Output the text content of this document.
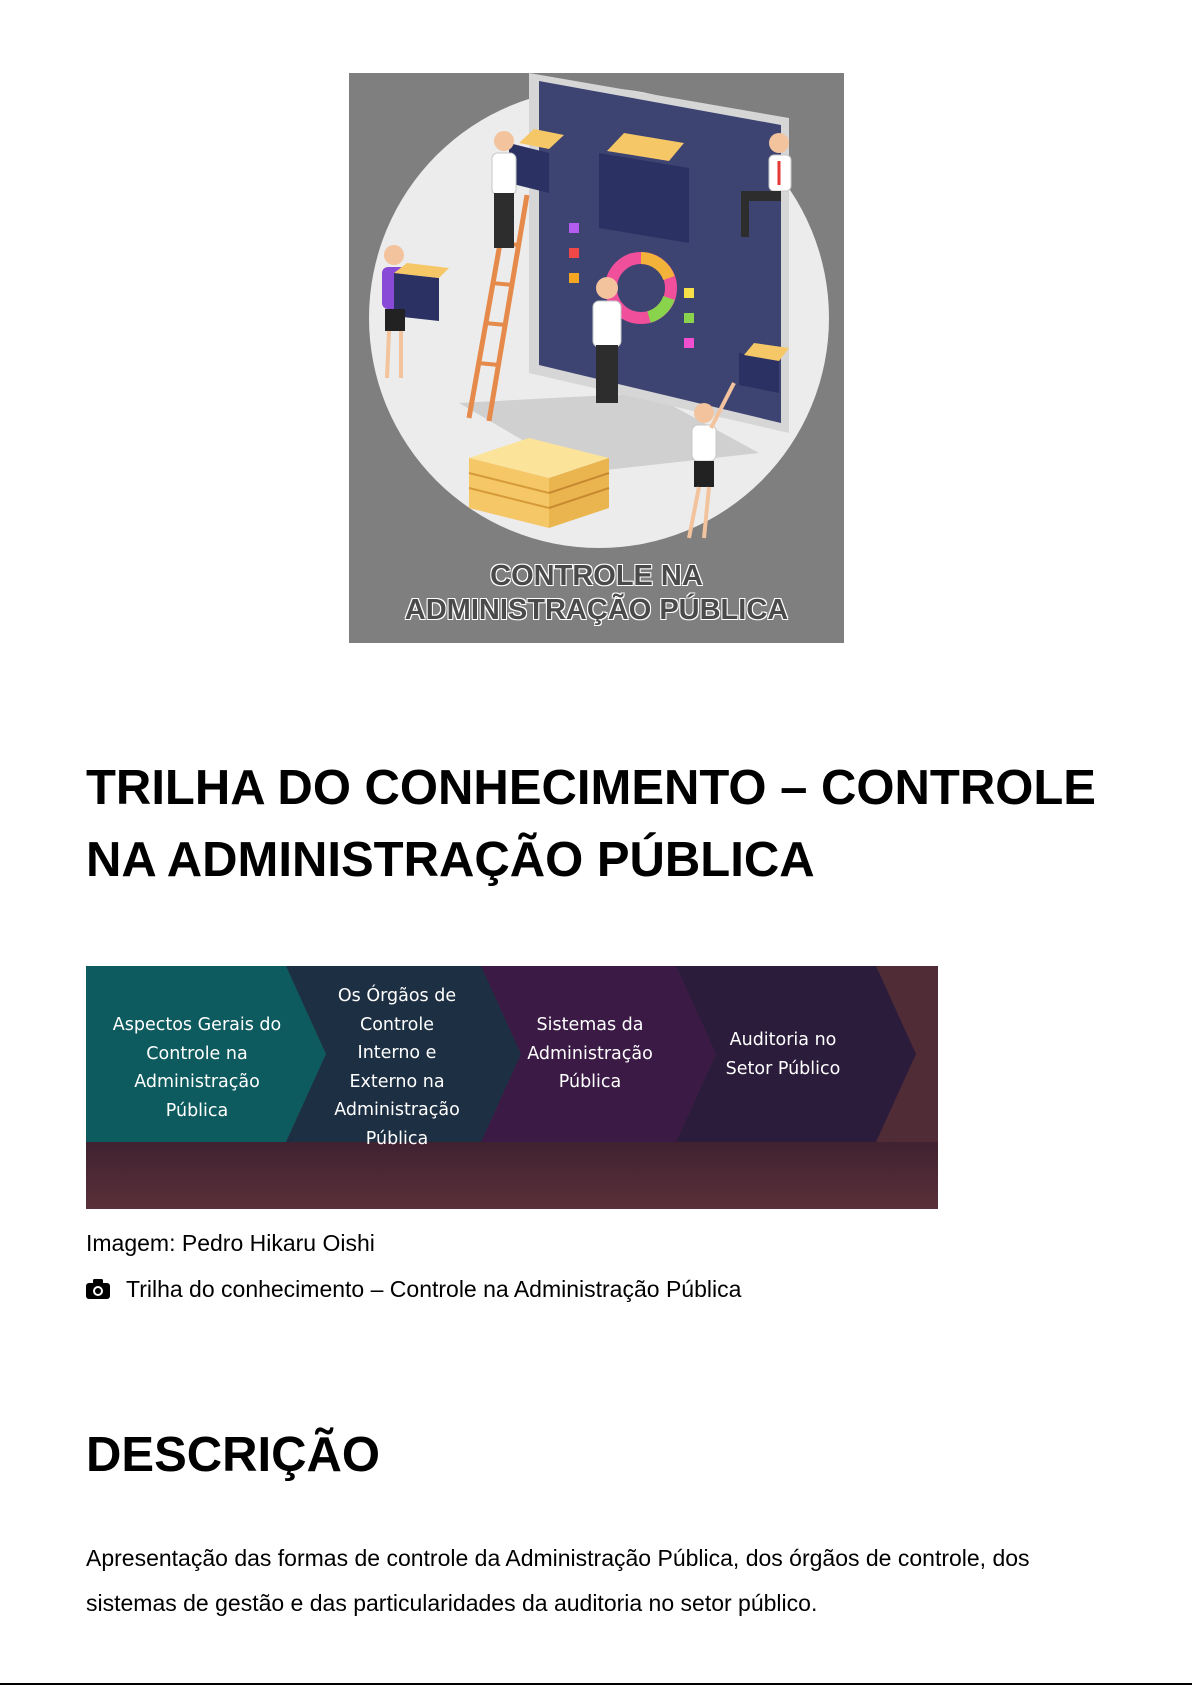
CONTROLE NA
ADMINISTRAÇÃO PÚBLICA
TRILHA DO CONHECIMENTO – CONTROLE NA ADMINISTRAÇÃO PÚBLICA
Aspectos Gerais do Controle na Administração Pública
Os Órgãos de Controle Interno e Externo na Administração Pública
Sistemas da Administração Pública
Auditoria no Setor Público
Imagem: Pedro Hikaru Oishi
Trilha do conhecimento – Controle na Administração Pública
DESCRIÇÃO

Apresentação das formas de controle da Administração Pública, dos órgãos de controle, dos sistemas de gestão e das particularidades da auditoria no setor público.
